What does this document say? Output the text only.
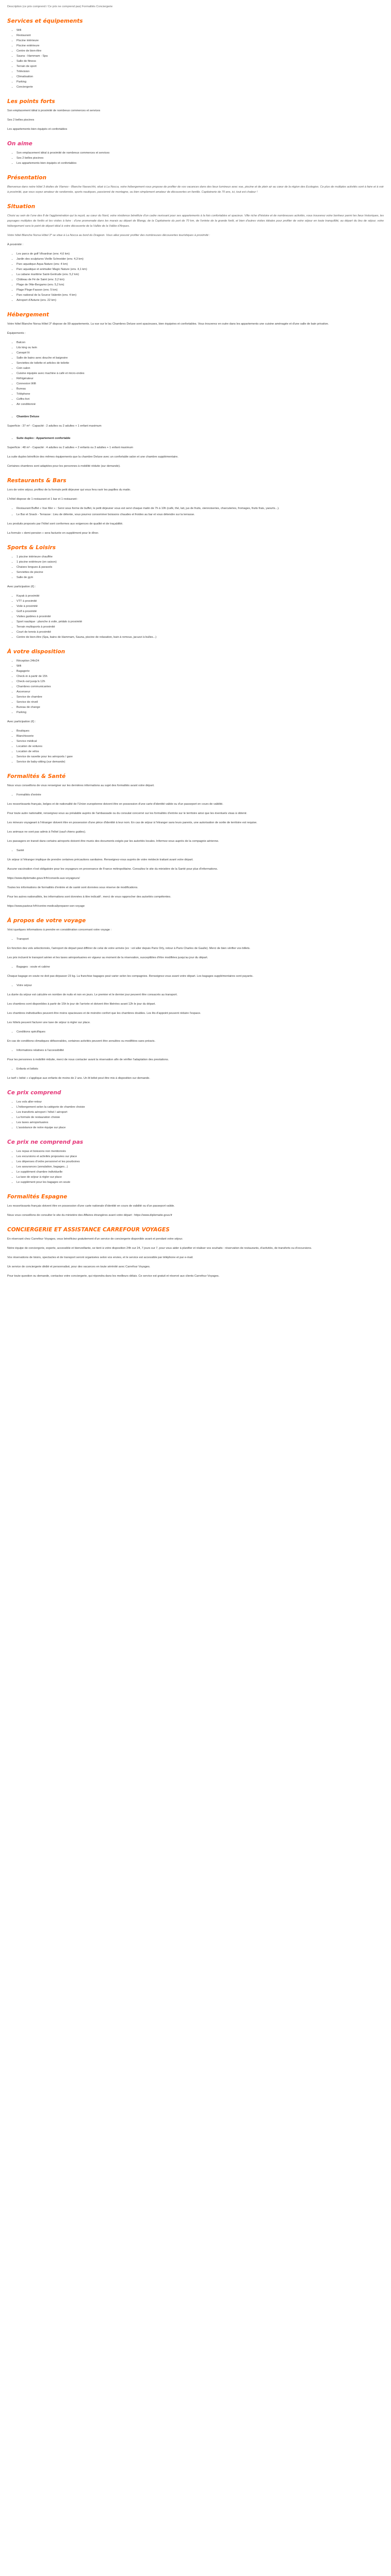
Description (ce prix comprend / Ce prix ne comprend pas) Formalités Conciergerie
Services et équipements
• Wifi
• Restaurant
• Piscine intérieure
• Piscine extérieure
• Centre de bien-être
• Sauna - Hammam - Spa
• Salle de fitness
• Terrain de sport
• Télévision
• Climatisation
• Parking
• Conciergerie
Les points forts

Son emplacement idéal à proximité de nombreux commerces et services

Ses 2 belles piscines

Les appartements bien équipés et confortables

On aime
• Son emplacement idéal à proximité de nombreux commerces et services
• Ses 2 belles piscines
• Les appartements bien équipés et confortables
Présentation

Bienvenue dans notre hôtel 3 étoiles de Vlamov - Blanche Navarchhi, situé à La Nocca, votre hébergement vous propose de profiter de vos vacances dans des lieux lumineux avec vue, piscine et de plein air au cœur de la région des Ecologies. Ce plus de multiples activités sont à faire et à voir à proximité, que vous soyez amateur de randonnée, sports nautiques, passionné de montagne, ou bien simplement amateur de découvertes en famille. Capitainerie de 70 ans, ici, tout est chaleur !

Situation

Choisi au sein de l'une des 8 de l'agglomération qui la reçoit, au cœur du Nord, votre résidence bénéficie d'un cadre ravissant pour ses appartements à la fois confortables et spacieux. Ville riche d'histoire et de nombreuses activités, vous trouverez votre bonheur parmi les lieux historiques, les paysages multiples de forêts et les visites à faire : d'une promenade dans les marais au départ de Blangy, de la Capitainerie du port de 70 km, de l'entrée de la grande forêt, et bien d'autres visites idéales pour profiter de votre séjour en toute tranquillité, au départ du lieu de séjour, votre hébergement sera le point de départ idéal à votre découverte de la Vallée de la Vallée d'Arques.

Votre hôtel Blanche Norsa Hôtel 3* se situe à La Nocca au bord du Drageon. Vous allez pouvoir profiter des nombreuses découvertes touristiques à proximité :

À proximité :

• Les parcs de golf Vilvardran (env. 4,6 km)
• Jardin des sculptures Vieille Schneider (env. 4,3 km)
• Parc aquatique Aqua Nature (env. 4 km)
• Parc aquatique et animalier Magic Nature (env. 4,1 km)
• La cabane maritime Saint-Gertrude (env. 5,2 km)
• Château de Fé de Saint (env. 3,2 km)
• Plage de l'Ale-Bergamo (env. 5,2 km)
• Plage Ploge-Fasson (env. 5 km)
• Parc national de la Source Valentin (env. 4 km)
• Aéroport d'Asturie (env. 22 km)
Hébergement

Votre hôtel Blanche Norsa Hôtel 3* dispose de 99 appartements. La vue sur le lac Chambres Deluxe sont spacieuses, bien équipées et confortables. Vous trouverez en outre dans les appartements une cuisine aménagée et d'une salle de bain privative.

Équipements :

• Balcon
• Lits king ou twin
• Canapé lit
• Salle de bains avec douche et baignoire
• Serviettes de toilette et articles de toilette
• Coin salon
• Cuisine équipée avec machine à café et micro-ondes
• Réfrigérateur
• Connexion Wifi
• Bureau
• Téléphone
• Coffre-fort
• Air conditionné
• Chambre Deluxe

Superficie : 37 m² - Capacité : 2 adultes ou 2 adultes + 1 enfant maximum

• Suite duplex : Appartement confortable

Superficie : 48 m² - Capacité : 4 adultes ou 2 adultes + 2 enfants ou 3 adultes + 1 enfant maximum

La suite duplex bénéficie des mêmes équipements que la chambre Deluxe avec un confortable salon et une chambre supplémentaire.

Certaines chambres sont adaptées pour les personnes à mobilité réduite (sur demande).

Restaurants & Bars

Lors de votre séjour, profitez de la formule petit déjeuner qui vous fera ravir les papilles du matin.

L'hôtel dispose de 1 restaurant et 1 bar et 1 restaurant :

• Restaurant Buffet « Vue Mer » : Servi sous forme de buffet, le petit déjeuner vous est servi chaque matin de 7h à 10h (café, thé, lait, jus de fruits, viennoiseries, charcuteries, fromages, fruits frais, yaourts...).
• Le Bar et Snack - Terrasse : Lieu de détente, vous pourrez consommer boissons chaudes et froides au bar et vous détendre sur la terrasse.

Les produits proposés par l'hôtel sont conformes aux exigences de qualité et de traçabilité.

La formule « demi-pension » sera facturée en supplément pour le dîner.

Sports & Loisirs
• 1 piscine intérieure chauffée
• 1 piscine extérieure (en saison)
• Chaises longues & parasols
• Serviettes de piscine
• Salle de gym

Avec participation (€) :

• Kayak à proximité
• VTT à proximité
• Voile à proximité
• Golf à proximité
• Visites guidées à proximité
• Sport nautique : planche à voile, pédalo à proximité
• Terrain multisports à proximité
• Court de tennis à proximité
• Centre de bien-être (Spa, bains de Hammam, Sauna, piscine de relaxation, bain à remous, jacuzzi à bulles...)
À votre disposition
• Réception 24h/24
• Wifi
• Bagagerie
• Check-in à partir de 15h
• Check-out jusqu'à 12h
• Chambres communicantes
• Ascenseur
• Service de chambre
• Service de réveil
• Bureau de change
• Parking

Avec participation (€) :

• Boutiques
• Blanchisserie
• Service médical
• Location de voitures
• Location de vélos
• Service de navette pour les aéroports / gare
• Service de baby-sitting (sur demande)
Formalités & Santé

Nous vous conseillons de vous renseigner sur les dernières informations au sujet des formalités avant votre départ.

• Formalités d'entrée

Les ressortissants français, belges et de nationalité de l'Union européenne doivent être en possession d'une carte d'identité valide ou d'un passeport en cours de validité.

Pour toute autre nationalité, renseignez-vous au préalable auprès de l'ambassade ou du consulat concerné sur les formalités d'entrée sur le territoire ainsi que les éventuels visas à obtenir.

Les mineurs voyageant à l'étranger doivent être en possession d'une pièce d'identité à leur nom. En cas de séjour à l'étranger sans leurs parents, une autorisation de sortie de territoire est requise.

Les animaux ne sont pas admis à l'hôtel (sauf chiens guides).

Les passagers en transit dans certains aéroports doivent être munis des documents exigés par les autorités locales. Informez-vous auprès de la compagnie aérienne.

• Santé

Un séjour à l'étranger implique de prendre certaines précautions sanitaires. Renseignez-vous auprès de votre médecin traitant avant votre départ.

Aucune vaccination n'est obligatoire pour les voyageurs en provenance de France métropolitaine. Consultez le site du ministère de la Santé pour plus d'informations.

https://www.diplomatie.gouv.fr/fr/conseils-aux-voyageurs/

Toutes les informations de formalités d'entrée et de santé sont données sous réserve de modifications.

Pour les autres nationalités, les informations sont données à titre indicatif ; merci de vous rapprocher des autorités compétentes.

https://www.pasteur.fr/fr/centre-medical/preparer-son-voyage

À propos de votre voyage

Voici quelques informations à prendre en considération concernant votre voyage :

• Transport

En fonction des vols sélectionnés, l'aéroport de départ peut différer de celui de votre arrivée (ex : vol aller depuis Paris Orly, retour à Paris Charles de Gaulle). Merci de bien vérifier vos billets.

Les prix incluent le transport aérien et les taxes aéroportuaires en vigueur au moment de la réservation, susceptibles d'être modifiées jusqu'au jour du départ.

• Bagages : soute et cabine

Chaque bagage en soute ne doit pas dépasser 23 kg. La franchise bagages peut varier selon les compagnies. Renseignez-vous avant votre départ. Les bagages supplémentaires sont payants.

• Votre séjour

La durée du séjour est calculée en nombre de nuits et non en jours. Le premier et le dernier jour peuvent être consacrés au transport.

Les chambres sont disponibles à partir de 15h le jour de l'arrivée et doivent être libérées avant 12h le jour du départ.

Les chambres individuelles peuvent être moins spacieuses et de moindre confort que les chambres doubles. Les lits d'appoint peuvent réduire l'espace.

Les hôtels peuvent facturer une taxe de séjour à régler sur place.

• Conditions spécifiques

En cas de conditions climatiques défavorables, certaines activités peuvent être annulées ou modifiées sans préavis.

• Informations relatives à l'accessibilité

Pour les personnes à mobilité réduite, merci de nous contacter avant la réservation afin de vérifier l'adaptation des prestations.

• Enfants et bébés

Le tarif « bébé » s'applique aux enfants de moins de 2 ans. Un lit bébé peut être mis à disposition sur demande.

Ce prix comprend
• Les vols aller-retour
• L'hébergement selon la catégorie de chambre choisie
• Les transferts aéroport / hôtel / aéroport
• La formule de restauration choisie
• Les taxes aéroportuaires
• L'assistance de notre équipe sur place
Ce prix ne comprend pas
• Les repas et boissons non mentionnés
• Les excursions et activités proposées sur place
• Les dépenses d'ordre personnel et les pourboires
• Les assurances (annulation, bagages...)
• Le supplément chambre individuelle
• La taxe de séjour à régler sur place
• Le supplément pour les bagages en soute
Formalités Espagne

Les ressortissants français doivent être en possession d'une carte nationale d'identité en cours de validité ou d'un passeport valide.

Nous vous conseillons de consulter le site du ministère des Affaires étrangères avant votre départ : https://www.diplomatie.gouv.fr

CONCIERGERIE ET ASSISTANCE CARREFOUR VOYAGES

En réservant chez Carrefour Voyages, vous bénéficiez gratuitement d'un service de conciergerie disponible avant et pendant votre séjour.

Notre équipe de conciergerie, experte, accessible et bienveillante, se tient à votre disposition 24h sur 24, 7 jours sur 7, pour vous aider à planifier et réaliser vos souhaits : réservation de restaurants, d'activités, de transferts ou d'excursions.

Vos réservations de loisirs, spectacles et de transport seront organisées selon vos envies, et le service est accessible par téléphone et par e-mail.

Un service de conciergerie dédié et personnalisé, pour des vacances en toute sérénité avec Carrefour Voyages.

Pour toute question ou demande, contactez votre conciergerie, qui répondra dans les meilleurs délais. Ce service est gratuit et réservé aux clients Carrefour Voyages.
